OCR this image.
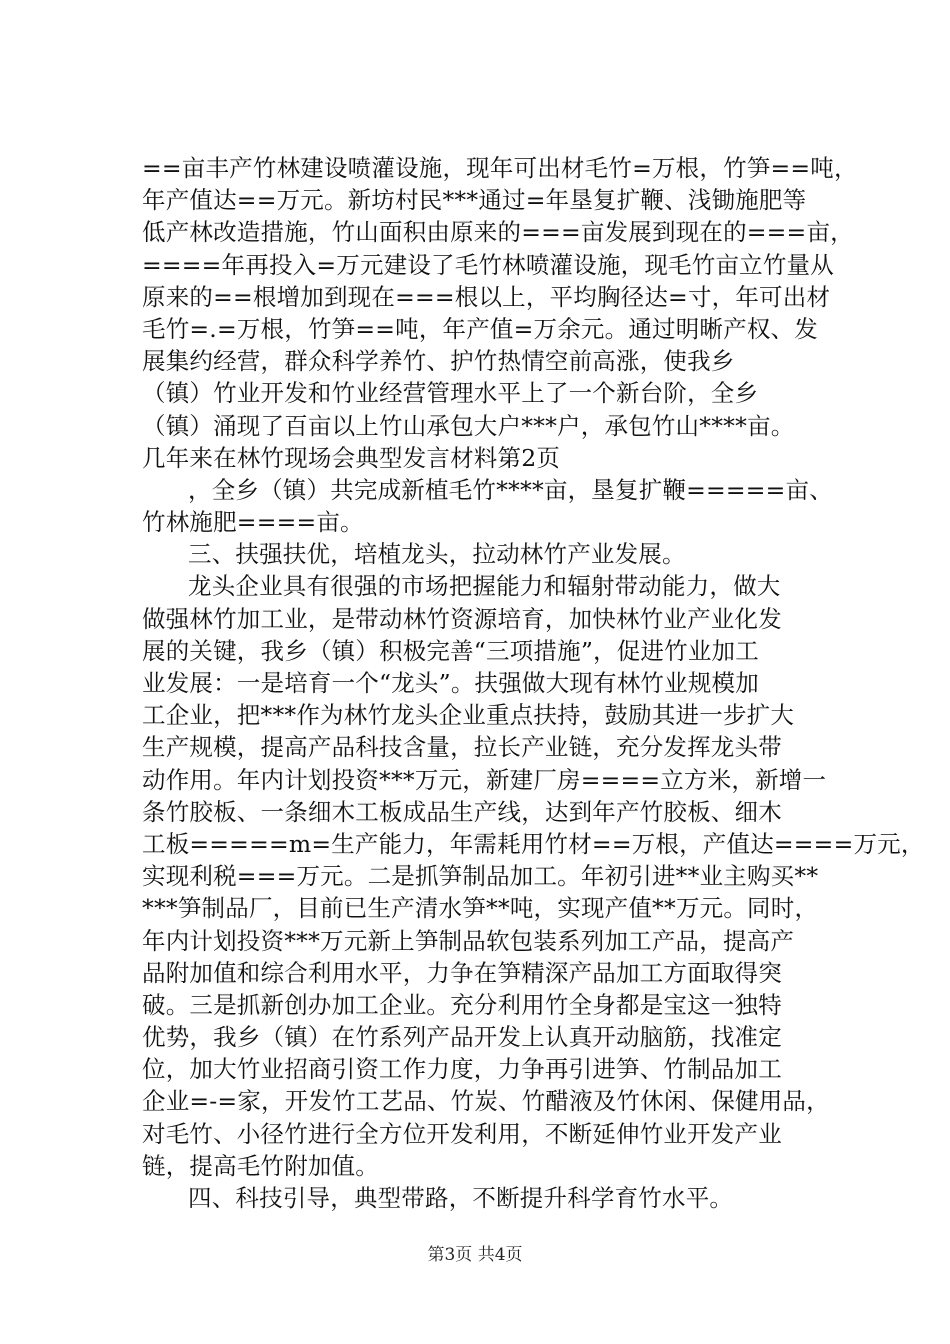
==亩丰产竹林建设喷灌设施，现年可出材毛竹=万根，竹笋==吨，
年产值达==万元。新坊村民***通过=年垦复扩鞭、浅锄施肥等
低产林改造措施，竹山面积由原来的===亩发展到现在的===亩，
====年再投入=万元建设了毛竹林喷灌设施，现毛竹亩立竹量从
原来的==根增加到现在===根以上，平均胸径达=寸，年可出材
毛竹=.=万根，竹笋==吨，年产值=万余元。通过明晰产权、发
展集约经营，群众科学养竹、护竹热情空前高涨，使我乡
（镇）竹业开发和竹业经营管理水平上了一个新台阶，全乡
（镇）涌现了百亩以上竹山承包大户***户，承包竹山****亩。
几年来在林竹现场会典型发言材料第2页
，全乡（镇）共完成新植毛竹****亩，垦复扩鞭=====亩、
竹林施肥====亩。
三、扶强扶优，培植龙头，拉动林竹产业发展。
龙头企业具有很强的市场把握能力和辐射带动能力，做大
做强林竹加工业，是带动林竹资源培育，加快林竹业产业化发
展的关键，我乡（镇）积极完善“三项措施”，促进竹业加工
业发展：一是培育一个“龙头”。扶强做大现有林竹业规模加
工企业，把***作为林竹龙头企业重点扶持，鼓励其进一步扩大
生产规模，提高产品科技含量，拉长产业链，充分发挥龙头带
动作用。年内计划投资***万元，新建厂房====立方米，新增一
条竹胶板、一条细木工板成品生产线，达到年产竹胶板、细木
工板=====m=生产能力，年需耗用竹材==万根，产值达====万元，
实现利税===万元。二是抓笋制品加工。年初引进**业主购买**
***笋制品厂，目前已生产清水笋**吨，实现产值**万元。同时，
年内计划投资***万元新上笋制品软包装系列加工产品，提高产
品附加值和综合利用水平，力争在笋精深产品加工方面取得突
破。三是抓新创办加工企业。充分利用竹全身都是宝这一独特
优势，我乡（镇）在竹系列产品开发上认真开动脑筋，找准定
位，加大竹业招商引资工作力度，力争再引进笋、竹制品加工
企业=-=家，开发竹工艺品、竹炭、竹醋液及竹休闲、保健用品，
对毛竹、小径竹进行全方位开发利用，不断延伸竹业开发产业
链，提高毛竹附加值。
四、科技引导，典型带路，不断提升科学育竹水平。
第3页 共4页
